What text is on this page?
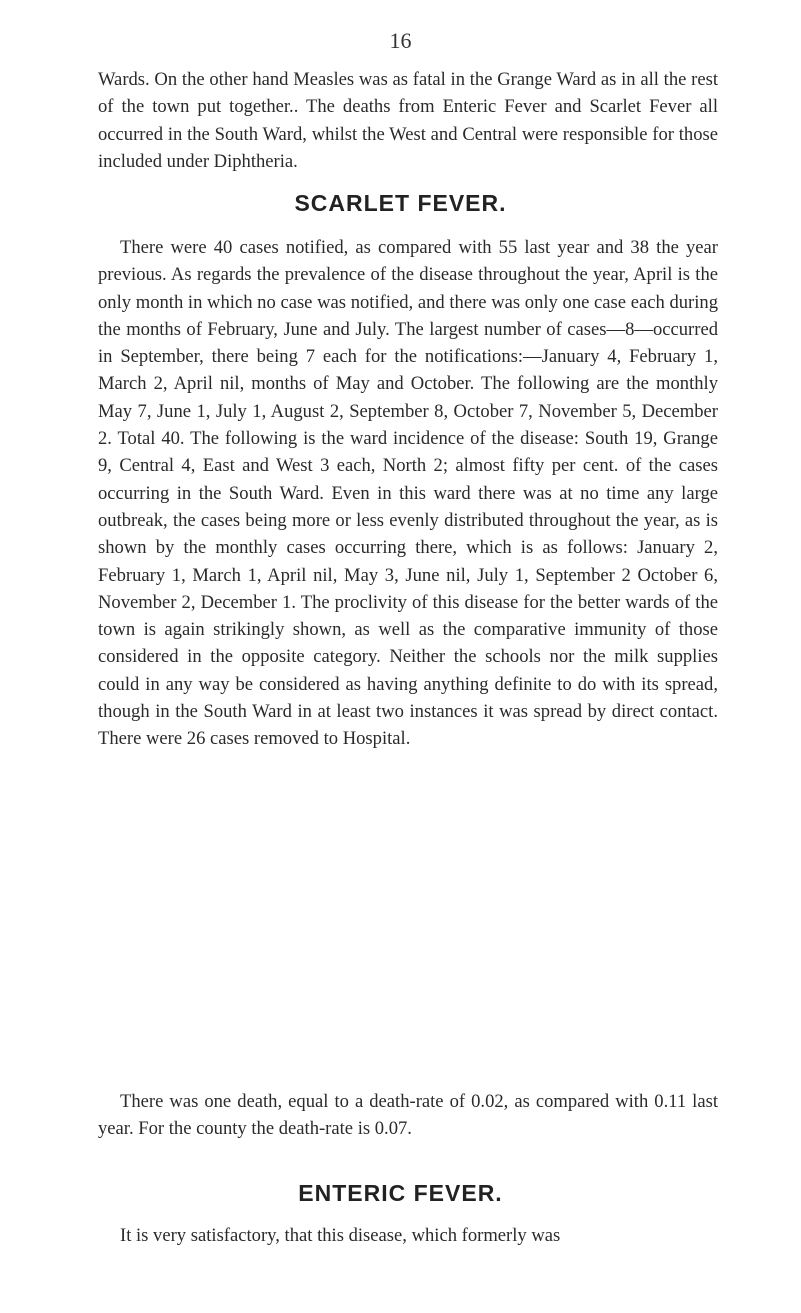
16

Wards. On the other hand Measles was as fatal in the Grange Ward as in all the rest of the town put together.. The deaths from Enteric Fever and Scarlet Fever all occurred in the South Ward, whilst the West and Central were responsible for those included under Diphtheria.

SCARLET FEVER.

There were 40 cases notified, as compared with 55 last year and 38 the year previous. As regards the prevalence of the disease throughout the year, April is the only month in which no case was notified, and there was only one case each during the months of February, June and July. The largest number of cases—8—occurred in September, there being 7 each for the notifications:—January 4, February 1, March 2, April nil, months of May and October. The following are the monthly May 7, June 1, July 1, August 2, September 8, October 7, November 5, December 2. Total 40. The following is the ward incidence of the disease: South 19, Grange 9, Central 4, East and West 3 each, North 2; almost fifty per cent. of the cases occurring in the South Ward. Even in this ward there was at no time any large outbreak, the cases being more or less evenly distributed throughout the year, as is shown by the monthly cases occurring there, which is as follows: January 2, February 1, March 1, April nil, May 3, June nil, July 1, September 2 October 6, November 2, December 1. The proclivity of this disease for the better wards of the town is again strikingly shown, as well as the comparative immunity of those considered in the opposite category. Neither the schools nor the milk supplies could in any way be considered as having anything definite to do with its spread, though in the South Ward in at least two instances it was spread by direct contact. There were 26 cases removed to Hospital.

There was one death, equal to a death-rate of 0.02, as compared with 0.11 last year. For the county the death-rate is 0.07.

ENTERIC FEVER.

It is very satisfactory, that this disease, which formerly was
